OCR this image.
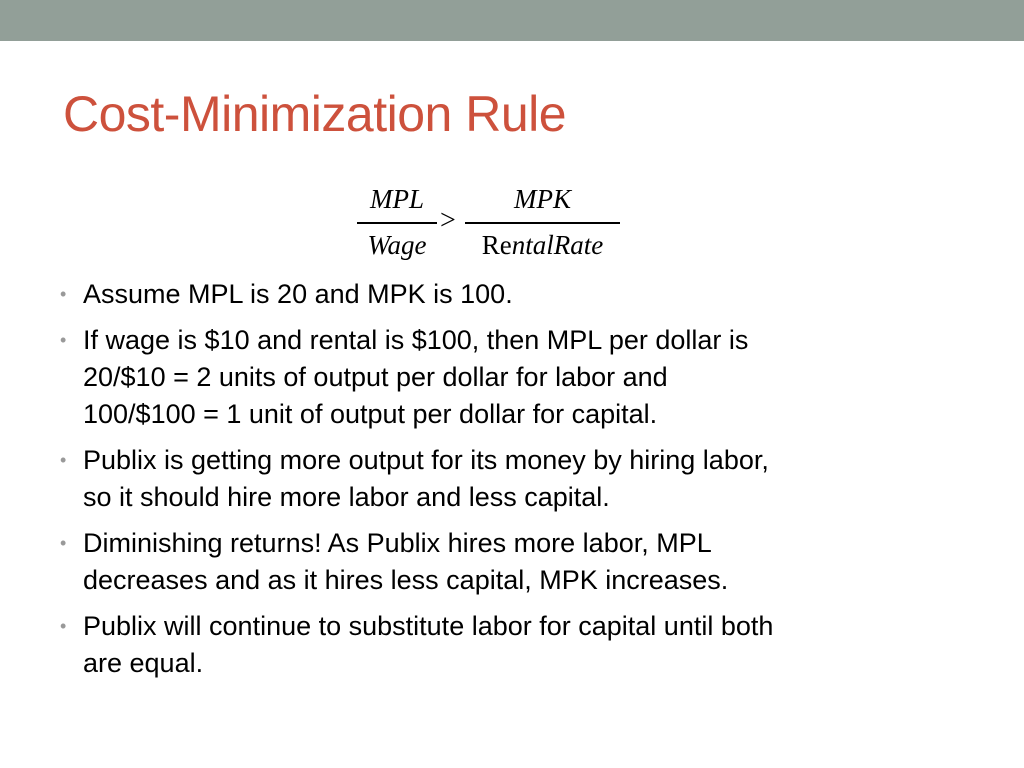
Cost-Minimization Rule
MPL
Wage
>
MPK
RentalRate
• Assume MPL is 20 and MPK is 100.
• If wage is $10 and rental is $100, then MPL per dollar is
20/$10 = 2 units of output per dollar for labor and
100/$100 = 1 unit of output per dollar for capital.
• Publix is getting more output for its money by hiring labor,
so it should hire more labor and less capital.
• Diminishing returns! As Publix hires more labor, MPL
decreases and as it hires less capital, MPK increases.
• Publix will continue to substitute labor for capital until both
are equal.
